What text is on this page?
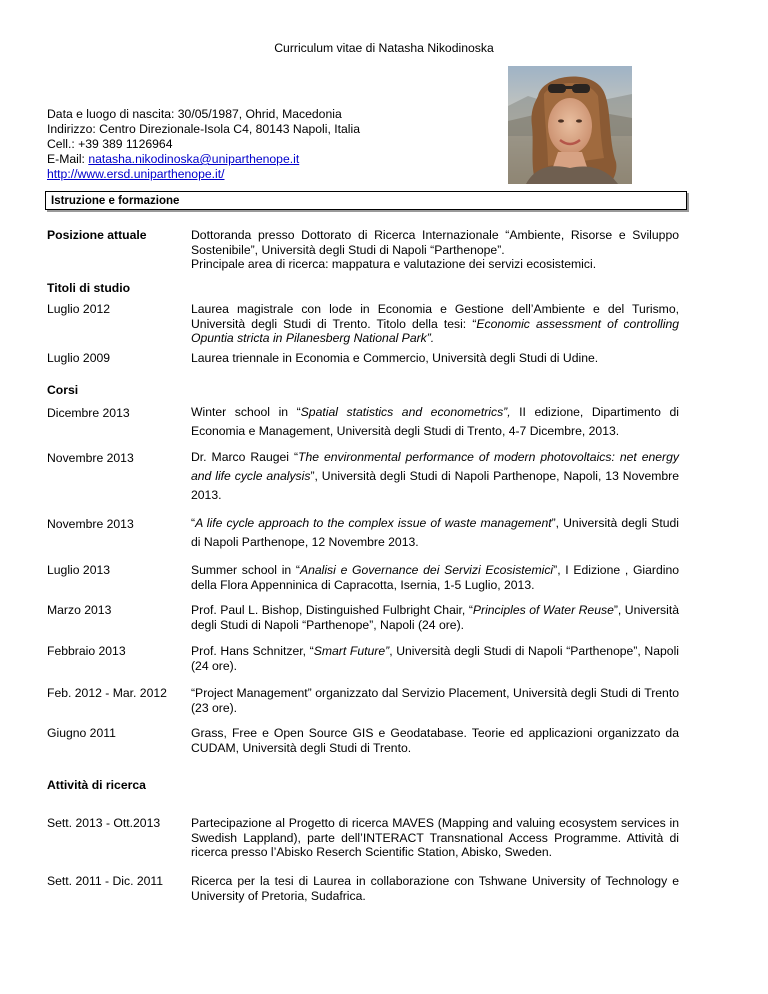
Curriculum vitae di Natasha Nikodinoska
Data e luogo di nascita: 30/05/1987, Ohrid, Macedonia
Indirizzo: Centro Direzionale-Isola C4, 80143 Napoli, Italia
Cell.: +39 389 1126964
E-Mail: natasha.nikodinoska@uniparthenope.it
http://www.ersd.uniparthenope.it/
Istruzione e formazione
Posizione attuale	Dottoranda presso Dottorato di Ricerca Internazionale “Ambiente, Risorse e Sviluppo Sostenibile”, Università degli Studi di Napoli “Parthenope”.

Principale area di ricerca: mappatura e valutazione dei servizi ecosistemici.

Titoli di studio
Luglio 2012	Laurea magistrale con lode in Economia e Gestione dell’Ambiente e del Turismo, Università degli Studi di Trento. Titolo della tesi: “Economic assessment of controlling Opuntia stricta in Pilanesberg National Park”.
Luglio 2009	Laurea triennale in Economia e Commercio, Università degli Studi di Udine.
Corsi
Dicembre 2013	Winter school in “Spatial statistics and econometrics”, II edizione, Dipartimento di Economia e Management, Università degli Studi di Trento, 4-7 Dicembre, 2013.
Novembre 2013	Dr. Marco Raugei “The environmental performance of modern photovoltaics: net energy and life cycle analysis”, Università degli Studi di Napoli Parthenope, Napoli, 13 Novembre 2013.
Novembre 2013	“A life cycle approach to the complex issue of waste management”, Università degli Studi di Napoli Parthenope, 12 Novembre 2013.
Luglio 2013	Summer school in “Analisi e Governance dei Servizi Ecosistemici”, I Edizione , Giardino della Flora Appenninica di Capracotta, Isernia, 1-5 Luglio, 2013.
Marzo 2013	Prof. Paul L. Bishop, Distinguished Fulbright Chair, “Principles of Water Reuse”, Università degli Studi di Napoli “Parthenope”, Napoli (24 ore).
Febbraio 2013	Prof. Hans Schnitzer, “Smart Future”, Università degli Studi di Napoli “Parthenope”, Napoli (24 ore).
Feb. 2012 - Mar. 2012 “Project Management” organizzato dal Servizio Placement, Università degli Studi di Trento (23 ore).
Giugno 2011	Grass, Free e Open Source GIS e Geodatabase. Teorie ed applicazioni organizzato da CUDAM, Università degli Studi di Trento.
Attività di ricerca
Sett. 2013 - Ott.2013	Partecipazione al Progetto di ricerca MAVES (Mapping and valuing ecosystem services in Swedish Lappland), parte dell’INTERACT Transnational Access Programme. Attività di ricerca presso l’Abisko Reserch Scientific Station, Abisko, Sweden.
Sett. 2011 - Dic. 2011 Ricerca per la tesi di Laurea in collaborazione con Tshwane University of Technology e University of Pretoria, Sudafrica.
